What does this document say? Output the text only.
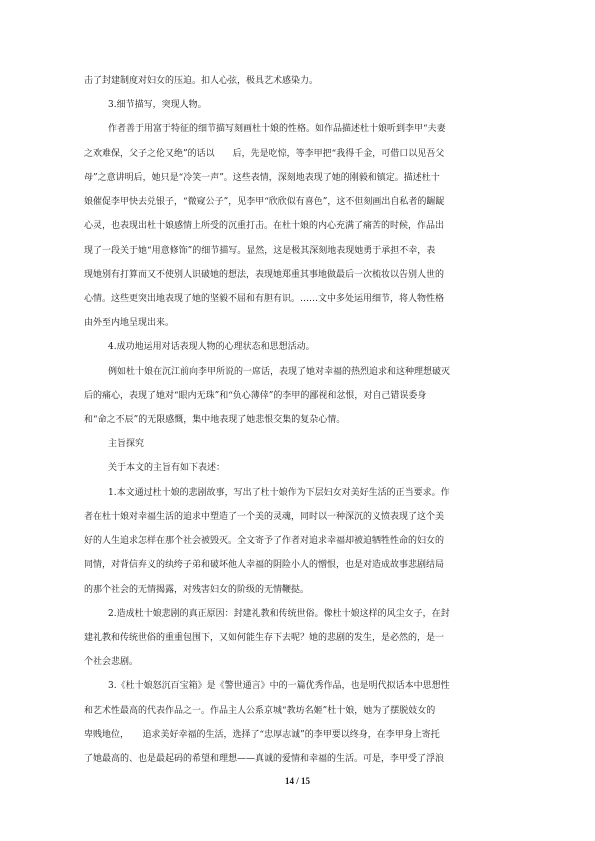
击了封建制度对妇女的压迫。扣人心弦，极具艺术感染力。
3.细节描写，突现人物。
作者善于用富于特征的细节描写刻画杜十娘的性格。如作品描述杜十娘听到李甲“夫妻
之欢难保，父子之伦又绝”的话以　　后，先是吃惊，等李甲把“我得千金，可借口以见吾父
母”之意讲明后，她只是“冷笑一声”。这些表情，深刻地表现了她的刚毅和镇定。描述杜十
娘催促李甲快去兑银子，“微窥公子”，见李甲“欣欣似有喜色”，这不但刻画出自私者的龌龊
心灵，也表现出杜十娘感情上所受的沉重打击。在杜十娘的内心充满了痛苦的时候，作品出
现了一段关于她“用意修饰”的细节描写。显然，这是极其深刻地表现她勇于承担不幸，表
现她别有打算而又不使别人识破她的想法，表现她郑重其事地做最后一次梳妆以告别人世的
心情。这些更突出地表现了她的坚毅不屈和有胆有识。……文中多处运用细节，将人物性格
由外至内地呈现出来。
4.成功地运用对话表现人物的心理状态和思想活动。
例如杜十娘在沉江前向李甲所说的一席话，表现了她对幸福的热烈追求和这种理想破灭
后的痛心，表现了她对“眼内无珠”和“负心薄倖”的李甲的鄙视和忿恨，对自己错误委身
和“命之不辰”的无限感慨，集中地表现了她悲恨交集的复杂心情。
主旨探究
关于本文的主旨有如下表述：
1.本文通过杜十娘的悲剧故事，写出了杜十娘作为下层妇女对美好生活的正当要求。作
者在杜十娘对幸福生活的追求中塑造了一个美的灵魂，同时以一种深沉的义愤表现了这个美
好的人生追求怎样在那个社会被毁灭。全文寄予了作者对追求幸福却被迫牺牲性命的妇女的
同情，对背信弃义的纨绔子弟和破坏他人幸福的阴险小人的憎恨，也是对造成故事悲剧结局
的那个社会的无情揭露，对残害妇女的阶级的无情鞭挞。
2.造成杜十娘悲剧的真正原因：封建礼教和传统世俗。像杜十娘这样的风尘女子，在封
建礼教和传统世俗的重重包围下，又如何能生存下去呢？她的悲剧的发生，是必然的，是一
个社会悲剧。
3.《杜十娘怒沉百宝箱》是《警世通言》中的一篇优秀作品，也是明代拟话本中思想性
和艺术性最高的代表作品之一。作品主人公系京城“教坊名姬”杜十娘，她为了摆脱妓女的
卑贱地位，　　追求美好幸福的生活，选择了“忠厚志诚”的李甲要以终身，在李甲身上寄托
了她最高的、也是最起码的希望和理想——真诚的爱情和幸福的生活。可是，李甲受了浮浪
14 / 15
